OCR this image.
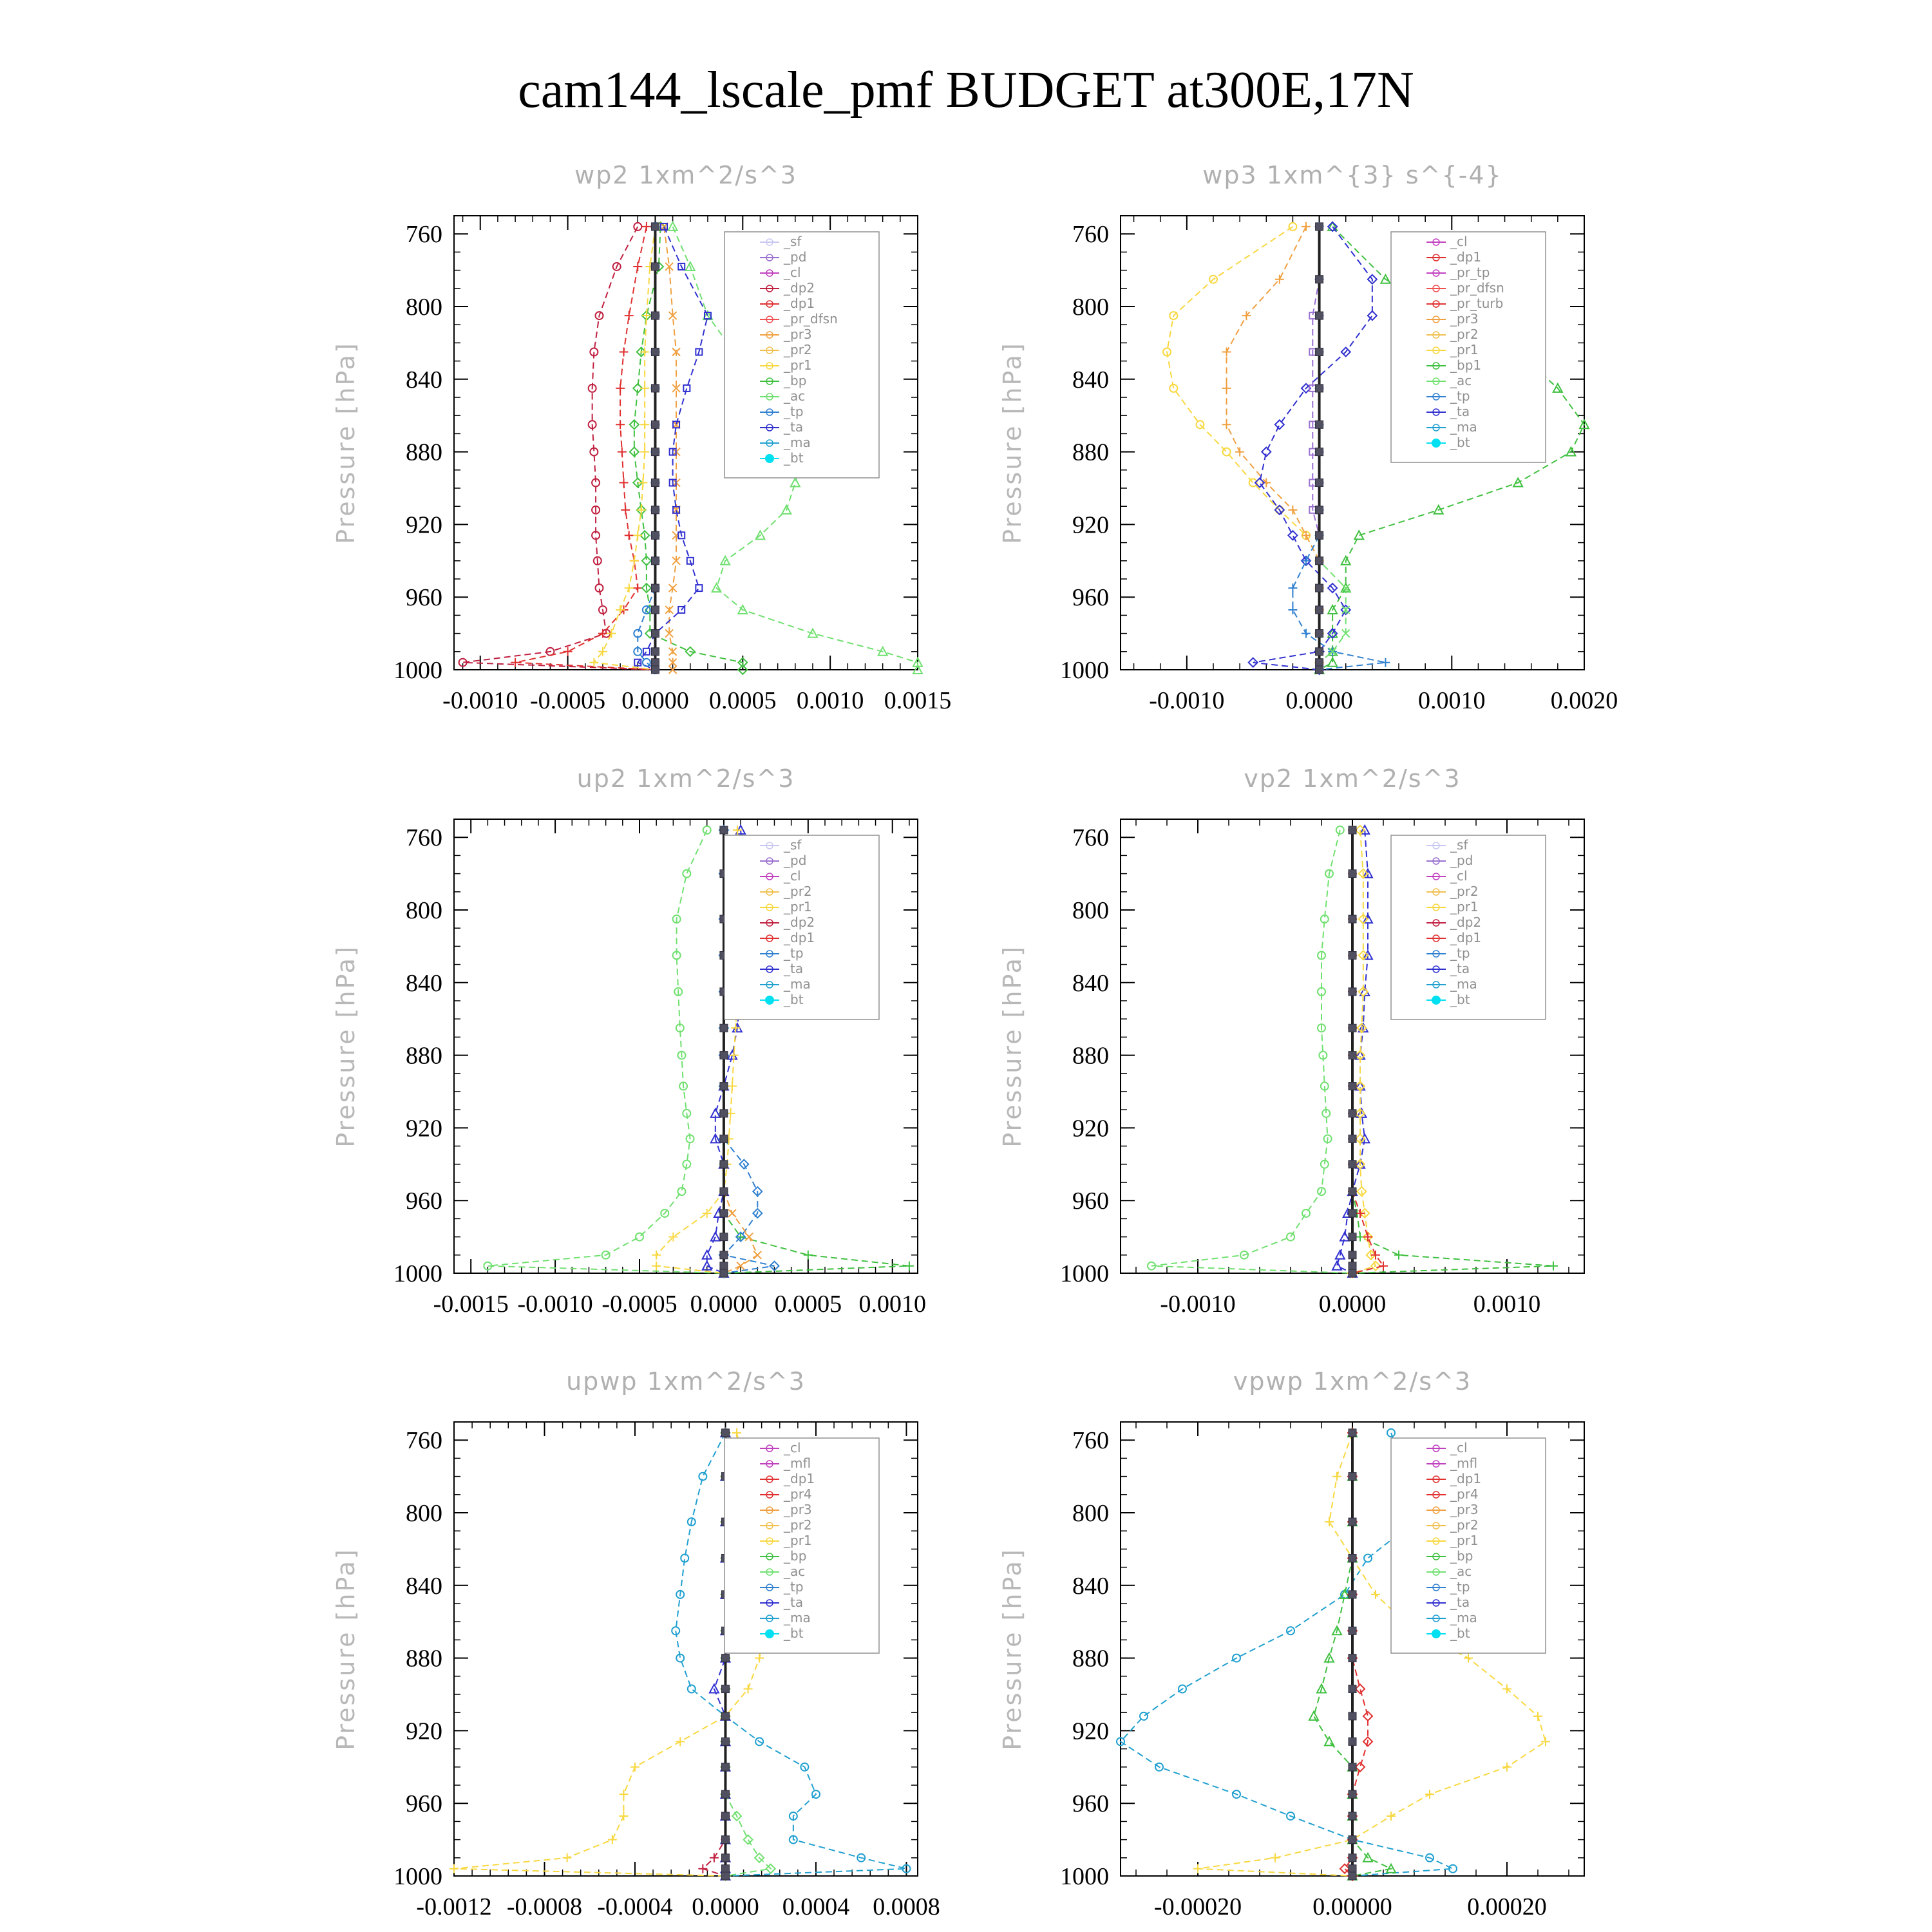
cam144_lscale_pmf BUDGET at300E,17N
wp2 1xm^2/s^3
Pressure [hPa]
760
800
840
880
920
960
1000
-0.0010 -0.0005 0.0000 0.0005 0.0010 0.0015
_sf
_pd
_cl
_dp2
_dp1
_pr_dfsn
_pr3
_pr2
_pr1
_bp
_ac
_tp
_ta
_ma
_bt
wp3 1xm^{3} s^{-4}
Pressure [hPa]
760
800
840
880
920
960
1000
-0.0010 0.0000	0.0010	0.0020
_cl
_dp1
_pr_tp
_pr_dfsn
_pr_turb
_pr3
_pr2
_pr1
_bp1
_ac
_tp
_ta
_ma
_bt
up2 1xm^2/s^3
Pressure [hPa]
760
800
840
880
920
960
1000
-0.0015 -0.0010 -0.0005 0.0000 0.0005 0.0010
_sf
_pd
_cl
_pr2
_pr1
_dp2
_dp1
_tp
_ta
_ma
_bt
vp2 1xm^2/s^3
Pressure [hPa]
760
800
840
880
920
960
1000
-0.0010	0.0000	0.0010
_sf
_pd
_cl
_pr2
_pr1
_dp2
_dp1
_tp
_ta
_ma
_bt
upwp 1xm^2/s^3
Pressure [hPa]
760
800
840
880
920
960
1000
-0.0012 -0.0008 -0.0004 0.0000 0.0004 0.0008
_cl
_mfl
_dp1
_pr4
_pr3
_pr2
_pr1
_bp
_ac
_tp
_ta
_ma
_bt
vpwp 1xm^2/s^3
Pressure [hPa]
760
800
840
880
920
960
1000
-0.00020	0.00000	0.00020
_cl
_mfl
_dp1
_pr4
_pr3
_pr2
_pr1
_bp
_ac
_tp
_ta
_ma
_bt
